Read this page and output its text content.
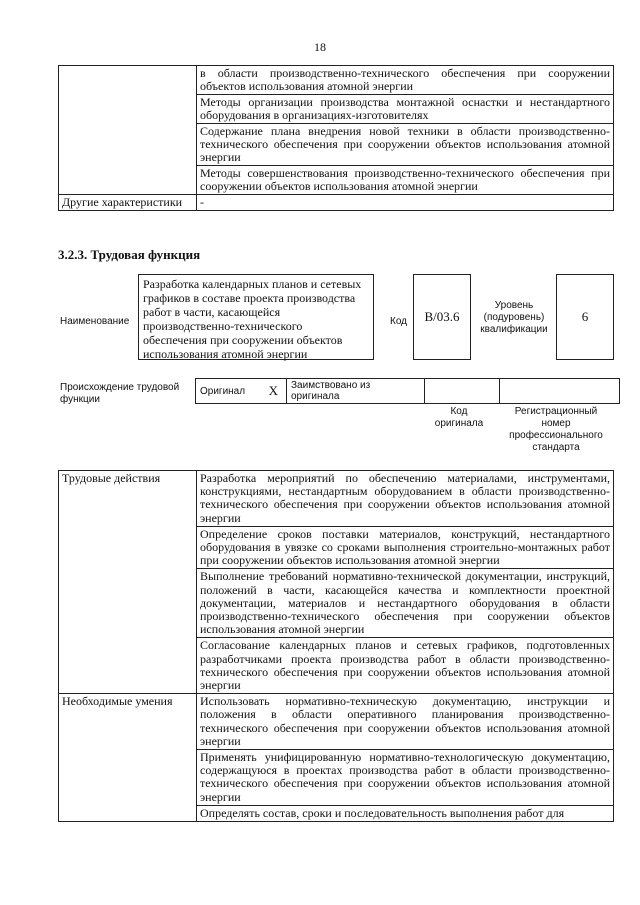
18
	в области производственно-технического обеспечения при сооружении объектов использования атомной энергии
	Методы организации производства монтажной оснастки и нестандартного оборудования в организациях-изготовителях
	Содержание плана внедрения новой техники в области производственно-технического обеспечения при сооружении объектов использования атомной энергии
	Методы совершенствования производственно-технического обеспечения при сооружении объектов использования атомной энергии
Другие характеристики	-
3.2.3. Трудовая функция
Наименование
Разработка календарных планов и сетевых графиков в составе проекта производства работ в части, касающейся производственно-технического обеспечения при сооружении объектов использования атомной энергии
Код	B/03.6
Уровень (подуровень) квалификации
6
Происхождение трудовой функции
Оригинал X	Заимствовано из оригинала
Код оригинала
Регистрационный номер профессионального стандарта
Трудовые действия	Разработка мероприятий по обеспечению материалами, инструментами, конструкциями, нестандартным оборудованием в области производственно-технического обеспечения при сооружении объектов использования атомной энергии
	Определение сроков поставки материалов, конструкций, нестандартного оборудования в увязке со сроками выполнения строительно-монтажных работ при сооружении объектов использования атомной энергии
	Выполнение требований нормативно-технической документации, инструкций, положений в части, касающейся качества и комплектности проектной документации, материалов и нестандартного оборудования в области производственно-технического обеспечения при сооружении объектов использования атомной энергии
	Согласование календарных планов и сетевых графиков, подготовленных разработчиками проекта производства работ в области производственно-технического обеспечения при сооружении объектов использования атомной энергии
Необходимые умения	Использовать нормативно-техническую документацию, инструкции и положения в области оперативного планирования производственно-технического обеспечения при сооружении объектов использования атомной энергии
	Применять унифицированную нормативно-технологическую документацию, содержащуюся в проектах производства работ в области производственно-технического обеспечения при сооружении объектов использования атомной энергии
	Определять состав, сроки и последовательность выполнения работ для
